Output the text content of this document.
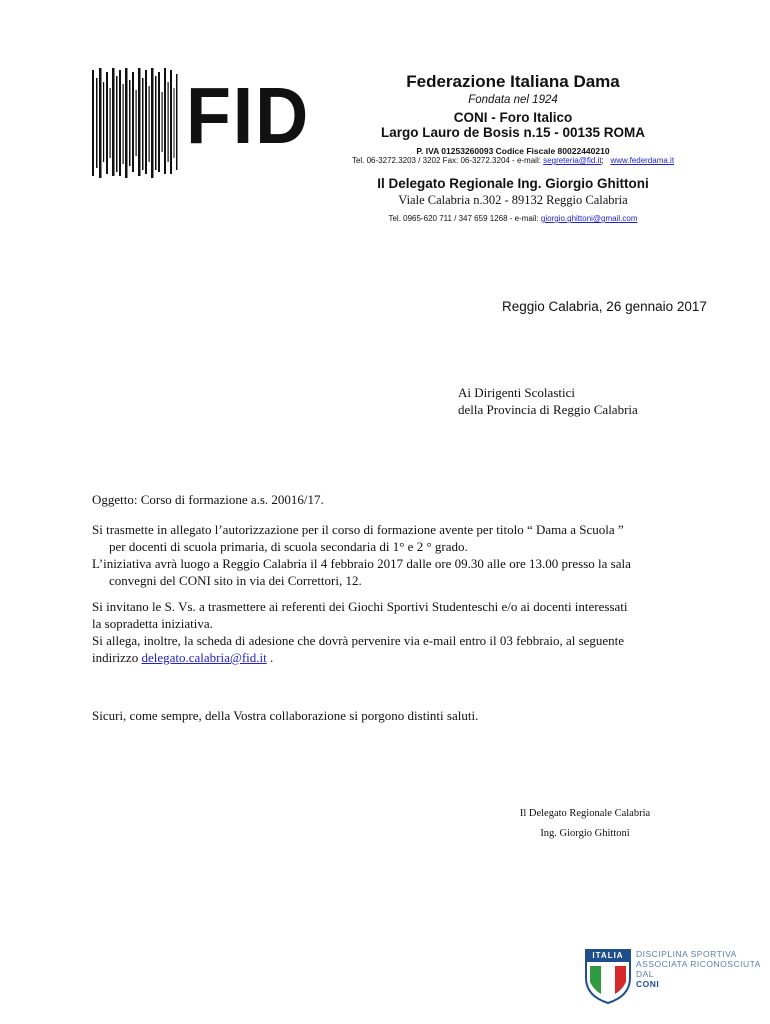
FID	Federazione Italiana Dama
Fondata nel 1924
CONI - Foro Italico
Largo Lauro de Bosis n.15 - 00135 ROMA
P. IVA 01253260093 Codice Fiscale 80022440210
Tel. 06-3272.3203 / 3202 Fax: 06-3272.3204 - e-mail: segreteria@fid.it; www.federdama.it
Il Delegato Regionale Ing. Giorgio Ghittoni
Viale Calabria n.302 - 89132 Reggio Calabria
Tel. 0965-620 711 / 347 659 1268 - e-mail: giorgio.ghittoni@gmail.com
Reggio Calabria, 26 gennaio 2017
Ai Dirigenti Scolastici
della Provincia di Reggio Calabria
Oggetto: Corso di formazione a.s. 20016/17.
Si trasmette in allegato l’autorizzazione per il corso di formazione avente per titolo “ Dama a Scuola ”
per docenti di scuola primaria, di scuola secondaria di 1° e 2 ° grado.
L’iniziativa avrà luogo a Reggio Calabria il 4 febbraio 2017 dalle ore 09.30 alle ore 13.00 presso la sala
convegni del CONI sito in via dei Correttori, 12.
Si invitano le S. Vs. a trasmettere ai referenti dei Giochi Sportivi Studenteschi e/o ai docenti interessati
la sopradetta iniziativa.
Si allega, inoltre, la scheda di adesione che dovrà pervenire via e-mail entro il 03 febbraio, al seguente
indirizzo delegato.calabria@fid.it .
Sicuri, come sempre, della Vostra collaborazione si porgono distinti saluti.
Il Delegato Regionale Calabria
Ing. Giorgio Ghittoni
ITALIA	DISCIPLINA SPORTIVA
ASSOCIATA RICONOSCIUTA
DAL
CONI
